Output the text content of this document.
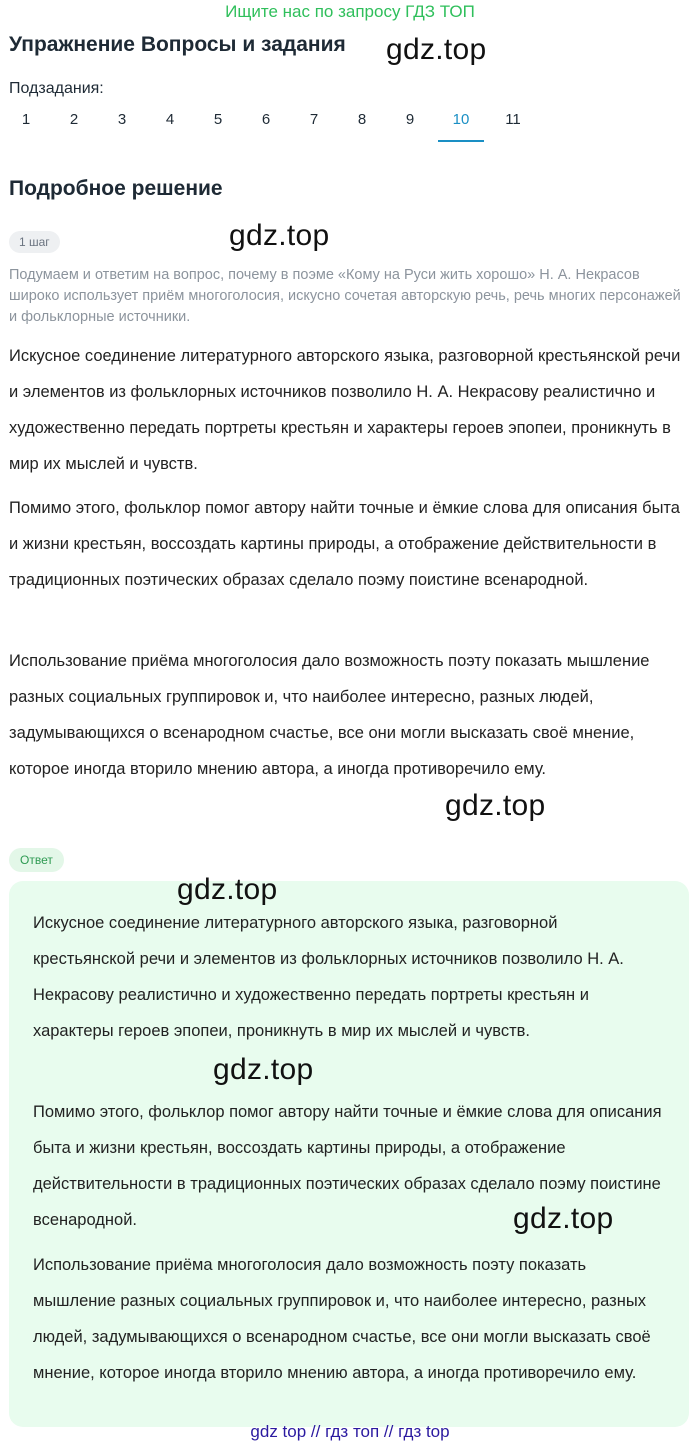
Ищите нас по запросу ГДЗ ТОП
Упражнение Вопросы и задания gdz.top
Подзадания:
1	2	3	4	5	6	7	8	9	10	11
Подробное решение
1 шаг	gdz.top
Подумаем и ответим на вопрос, почему в поэме «Кому на Руси жить хорошо» Н. А. Некрасов широко использует приём многоголосия, искусно сочетая авторскую речь, речь многих персонажей и фольклорные источники.
Искусное соединение литературного авторского языка, разговорной крестьянской речи и элементов из фольклорных источников позволило Н. А. Некрасову реалистично и художественно передать портреты крестьян и характеры героев эпопеи, проникнуть в мир их мыслей и чувств.
Помимо этого, фольклор помог автору найти точные и ёмкие слова для описания быта и жизни крестьян, воссоздать картины природы, а отображение действительности в традиционных поэтических образах сделало поэму поистине всенародной.
Использование приёма многоголосия дало возможность поэту показать мышление разных социальных группировок и, что наиболее интересно, разных людей, задумывающихся о всенародном счастье, все они могли высказать своё мнение, которое иногда вторило мнению автора, а иногда противоречило ему.
gdz.top
Ответ
gdz.top
Искусное соединение литературного авторского языка, разговорной крестьянской речи и элементов из фольклорных источников позволило Н. А. Некрасову реалистично и художественно передать портреты крестьян и характеры героев эпопеи, проникнуть в мир их мыслей и чувств.
gdz.top
Помимо этого, фольклор помог автору найти точные и ёмкие слова для описания быта и жизни крестьян, воссоздать картины природы, а отображение действительности в традиционных поэтических образах сделало поэму поистине всенародной.	gdz.top
Использование приёма многоголосия дало возможность поэту показать мышление разных социальных группировок и, что наиболее интересно, разных людей, задумывающихся о всенародном счастье, все они могли высказать своё мнение, которое иногда вторило мнению автора, а иногда противоречило ему.
gdz top // гдз топ // гдз top
